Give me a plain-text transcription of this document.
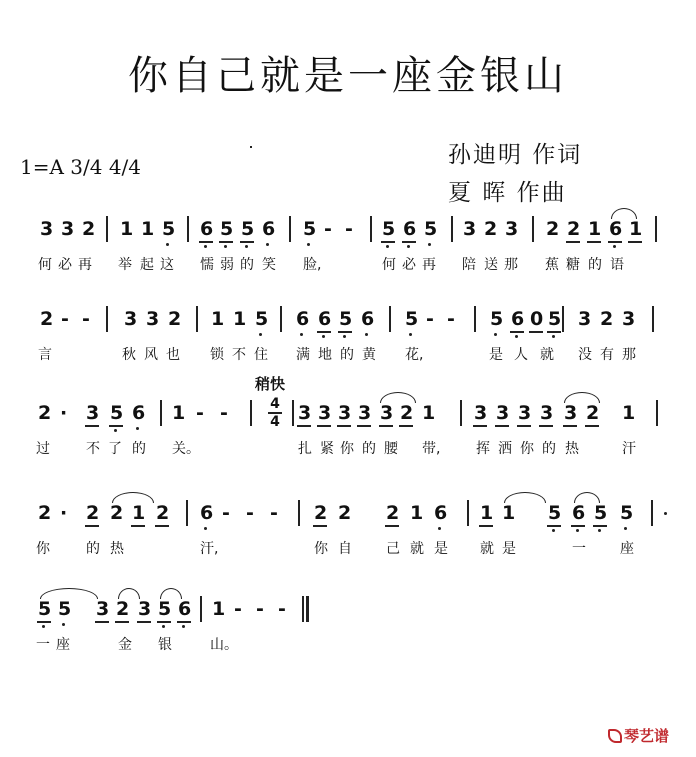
你自己就是一座金银山
1=A 3/4 4/4	孙迪明 作词
夏 晖 作曲
稍快
3 3 2 1 1 5 6 5 5 6 5 - - 5 6 5 3 2 3 2 2 1 6 1
何 必 再 举 起 这 懦 弱 的 笑 脸,	何 必 再 陪 送 那 蕉 糖 的 语
2 - - 3 3 2 1 1 5 6 6 5 6 5 - - 5 6 0 5 3 2 3
言	秋 风 也 锁 不 住 满 地 的 黄 花,	是 人 就 没 有 那
2 · 3 5 6 1 - -	3 3 3 3 3 2 1 3 3 3 3 3 2 1
过	不 了 的 关。	扎 紧 你 的 腰 带,	挥 洒 你 的 热	汗
2 · 2 2 1 2 6 - - - 2 2 2 1 6 1 1 5 6 5 5
你	的 热	汗,	你 自 己 就 是 就 是	一 座
5 5 3 2 3 5 6 1 - - -
一 座	金 银	山。
4
4
琴艺谱
